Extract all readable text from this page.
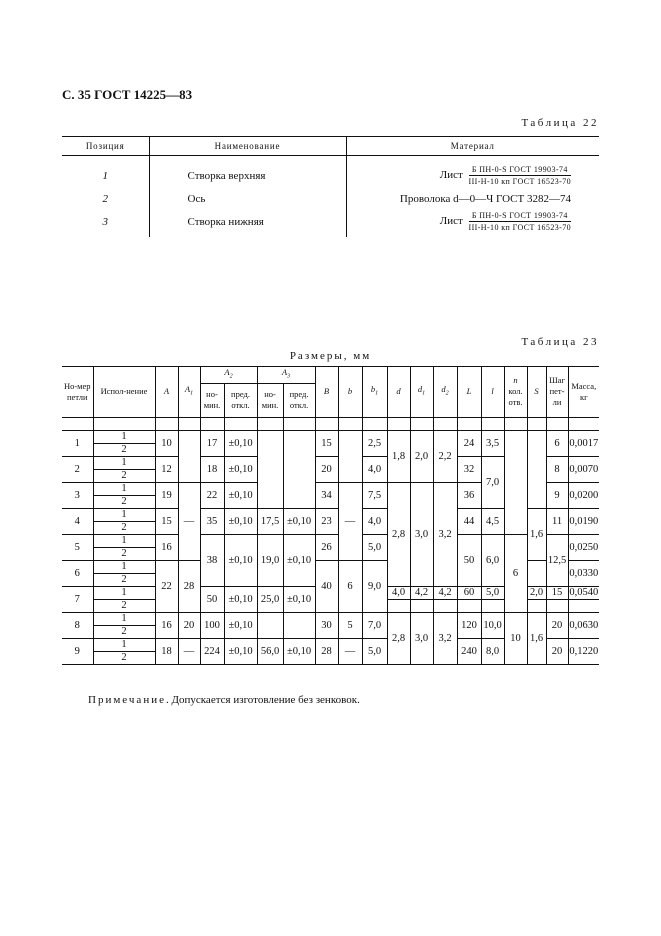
С. 35 ГОСТ 14225—83
Таблица 22
Позиция	Наименование	Материал

1	Створка верхняя	Лист $\frac{\text{Б ПН-0-S ГОСТ 19903-74}}{\text{III-Н-10 кп ГОСТ 16523-70}}$

2	Ось	Проволока d—0—Ч ГОСТ 3282—74
3	Створка нижняя	Лист $\frac{\text{Б ПН-0-S ГОСТ 19903-74}}{\text{III-Н-10 кп ГОСТ 16523-70}}$

Таблица 23
Размеры, мм
Но-мер петли	Испол-нение	A	$A_1$	$A_2$		$A_3$		B	b	$b_1$	d	$d_1$	$d_2$	L	l	n
кол. отв.	S	Шаг пет-ли	Масса, кг
				но-мин.	пред. откл.	но-мин.	пред. откл.												

1	1	10		17	±0,10			15		2,5	1,8	2,0	2,2	24	3,5			6	0,0017
	2																		
2	1	12		18	±0,10			20		4,0				32	7,0			8	0,0070
	2																		
3	1	19	—	22	±0,10			34	—	7,5	2,8	3,0	3,2	36				9	0,0200
	2																		
4	1	15		35	±0,10	17,5	±0,10	23		4,0				44	4,5		1,6	11	0,0190
	2																		
5	1	16		38	±0,10	19,0	±0,10	26		5,0				50	6,0	6		12,5	0,0250
	2																		
6	1	22	28					40	6	9,0									0,0330
	2																		
7	1			50	±0,10	25,0	±0,10				4,0	4,2	4,2	60	5,0		2,0	15	0,0540
	2																		
8	1	16	20	100	±0,10			30	5	7,0	2,8	3,0	3,2	120	10,0	10	1,6	20	0,0630
	2																		
9	1	18	—	224	±0,10	56,0	±0,10	28	—	5,0				240	8,0			20	0,1220
	2																		
Примечание. Допускается изготовление без зенковок.
